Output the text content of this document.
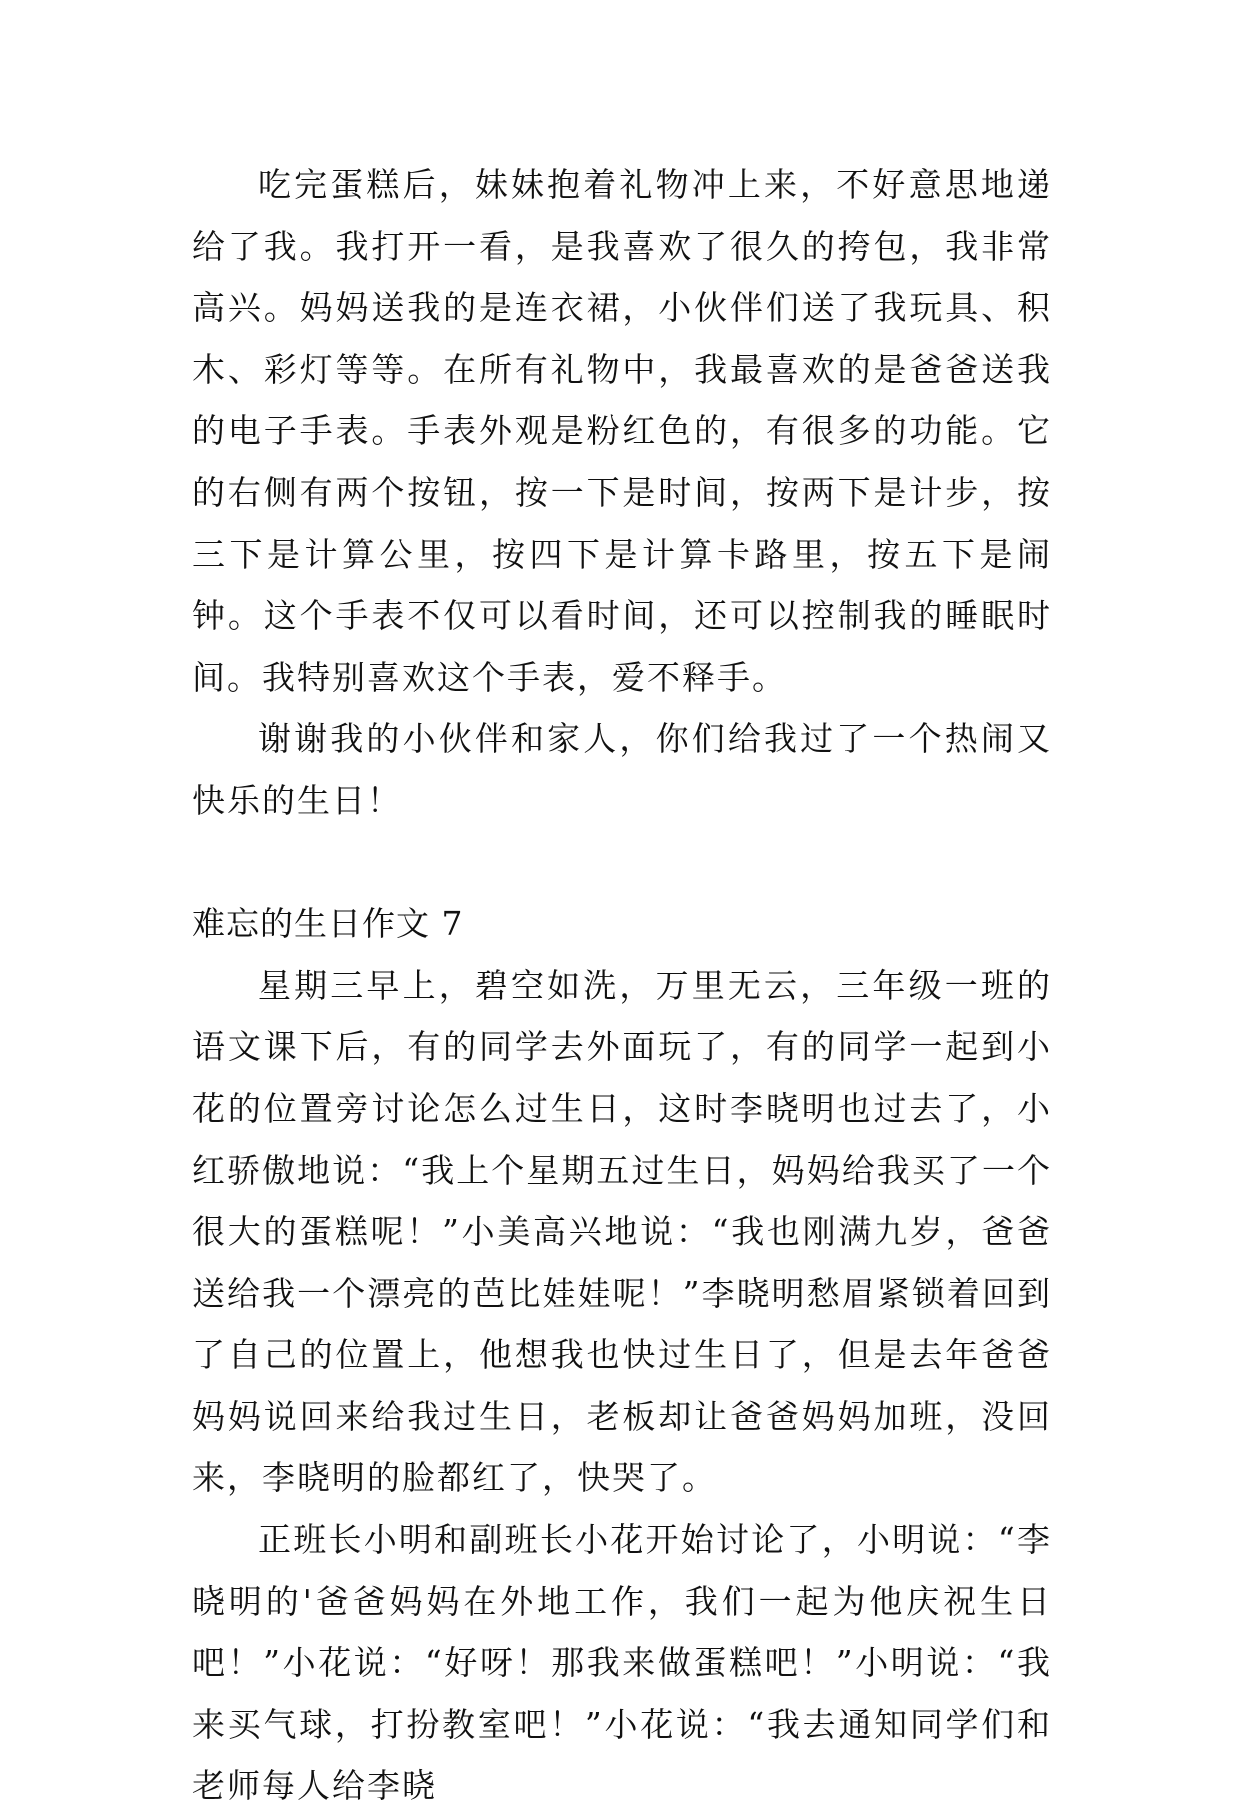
吃完蛋糕后，妹妹抱着礼物冲上来，不好意思地递给了我。我打开一看，是我喜欢了很久的挎包，我非常高兴。妈妈送我的是连衣裙，小伙伴们送了我玩具、积木、彩灯等等。在所有礼物中，我最喜欢的是爸爸送我的电子手表。手表外观是粉红色的，有很多的功能。它的右侧有两个按钮，按一下是时间，按两下是计步，按三下是计算公里，按四下是计算卡路里，按五下是闹钟。这个手表不仅可以看时间，还可以控制我的睡眠时间。我特别喜欢这个手表，爱不释手。

谢谢我的小伙伴和家人，你们给我过了一个热闹又快乐的生日！

难忘的生日作文 7

星期三早上，碧空如洗，万里无云，三年级一班的语文课下后，有的同学去外面玩了，有的同学一起到小花的位置旁讨论怎么过生日，这时李晓明也过去了，小红骄傲地说：“我上个星期五过生日，妈妈给我买了一个很大的蛋糕呢！”小美高兴地说：“我也刚满九岁，爸爸送给我一个漂亮的芭比娃娃呢！”李晓明愁眉紧锁着回到了自己的位置上，他想我也快过生日了，但是去年爸爸妈妈说回来给我过生日，老板却让爸爸妈妈加班，没回来，李晓明的脸都红了，快哭了。

正班长小明和副班长小花开始讨论了，小明说：“李晓明的'爸爸妈妈在外地工作，我们一起为他庆祝生日吧！”小花说：“好呀！那我来做蛋糕吧！”小明说：“我来买气球，打扮教室吧！”小花说：“我去通知同学们和老师每人给李晓
